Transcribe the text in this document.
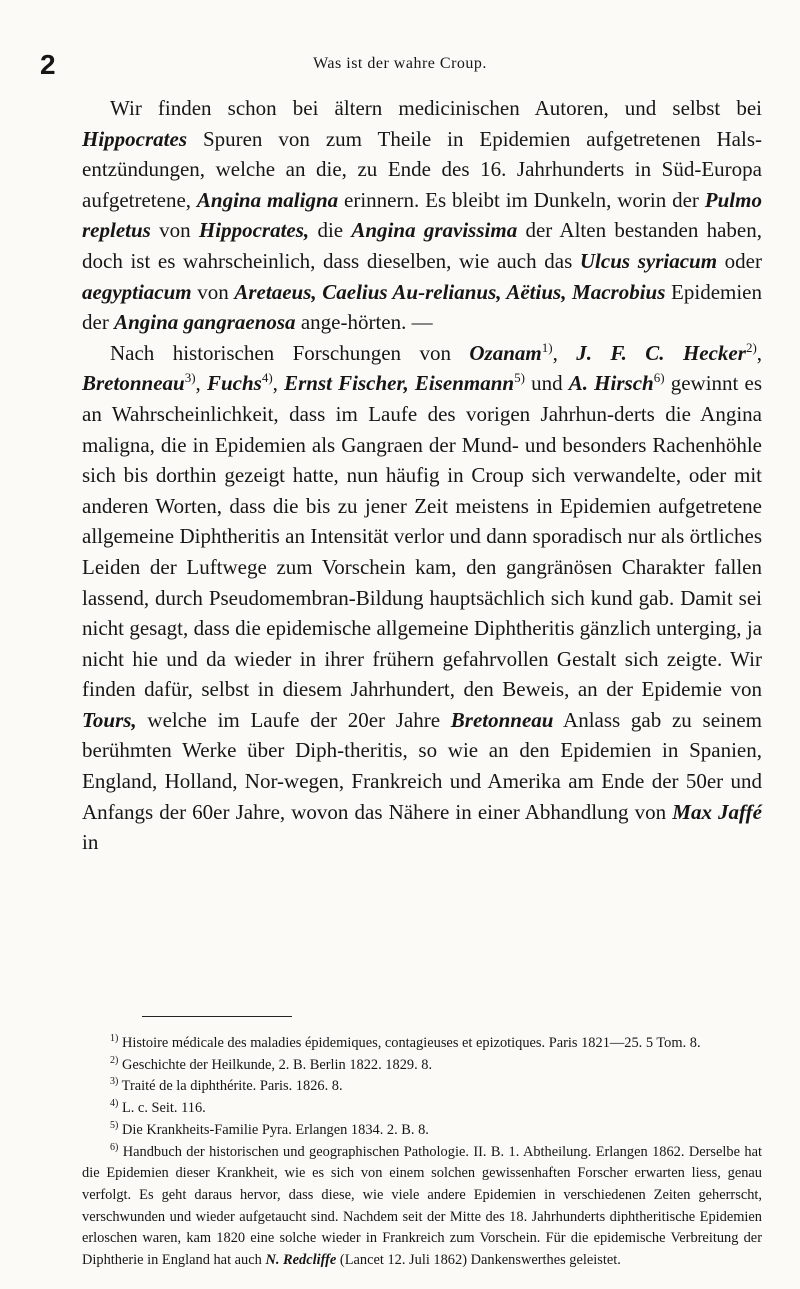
2	Was ist der wahre Croup.

Wir finden schon bei ältern medicinischen Autoren, und selbst bei Hippocrates Spuren von zum Theile in Epidemien aufgetretenen Hals-entzündungen, welche an die, zu Ende des 16. Jahrhunderts in Süd-Europa aufgetretene, Angina maligna erinnern. Es bleibt im Dunkeln, worin der Pulmo repletus von Hippocrates, die Angina gravissima der Alten bestanden haben, doch ist es wahrscheinlich, dass dieselben, wie auch das Ulcus syriacum oder aegyptiacum von Aretaeus, Caelius Au-relianus, Aëtius, Macrobius Epidemien der Angina gangraenosa ange-hörten. —

Nach historischen Forschungen von Ozanam$^{1)}$, J. F. C. Hecker$^{2)}$, Bretonneau$^{3)}$, Fuchs$^{4)}$, Ernst Fischer, Eisenmann$^{5)}$ und A. Hirsch$^{6)}$ gewinnt es an Wahrscheinlichkeit, dass im Laufe des vorigen Jahrhun-derts die Angina maligna, die in Epidemien als Gangraen der Mund- und besonders Rachenhöhle sich bis dorthin gezeigt hatte, nun häufig in Croup sich verwandelte, oder mit anderen Worten, dass die bis zu jener Zeit meistens in Epidemien aufgetretene allgemeine Diphtheritis an Intensität verlor und dann sporadisch nur als örtliches Leiden der Luftwege zum Vorschein kam, den gangränösen Charakter fallen lassend, durch Pseudomembran-Bildung hauptsächlich sich kund gab. Damit sei nicht gesagt, dass die epidemische allgemeine Diphtheritis gänzlich unterging, ja nicht hie und da wieder in ihrer frühern gefahrvollen Gestalt sich zeigte. Wir finden dafür, selbst in diesem Jahrhundert, den Beweis, an der Epidemie von Tours, welche im Laufe der 20er Jahre Bretonneau Anlass gab zu seinem berühmten Werke über Diph-theritis, so wie an den Epidemien in Spanien, England, Holland, Nor-wegen, Frankreich und Amerika am Ende der 50er und Anfangs der 60er Jahre, wovon das Nähere in einer Abhandlung von Max Jaffé in

$^{1)}$ Histoire médicale des maladies épidemiques, contagieuses et epizotiques. Paris 1821—25. 5 Tom. 8.

$^{2)}$ Geschichte der Heilkunde, 2. B. Berlin 1822. 1829. 8.

$^{3)}$ Traité de la diphthérite. Paris. 1826. 8.

$^{4)}$ L. c. Seit. 116.

$^{5)}$ Die Krankheits-Familie Pyra. Erlangen 1834. 2. B. 8.

$^{6)}$ Handbuch der historischen und geographischen Pathologie. II. B. 1. Abtheilung. Erlangen 1862. Derselbe hat die Epidemien dieser Krankheit, wie es sich von einem solchen gewissenhaften Forscher erwarten liess, genau verfolgt. Es geht daraus hervor, dass diese, wie viele andere Epidemien in verschiedenen Zeiten geherrscht, verschwunden und wieder aufgetaucht sind. Nachdem seit der Mitte des 18. Jahrhunderts diphtheritische Epidemien erloschen waren, kam 1820 eine solche wieder in Frankreich zum Vorschein. Für die epidemische Verbreitung der Diphtherie in England hat auch N. Redcliffe (Lancet 12. Juli 1862) Dankenswerthes geleistet.
